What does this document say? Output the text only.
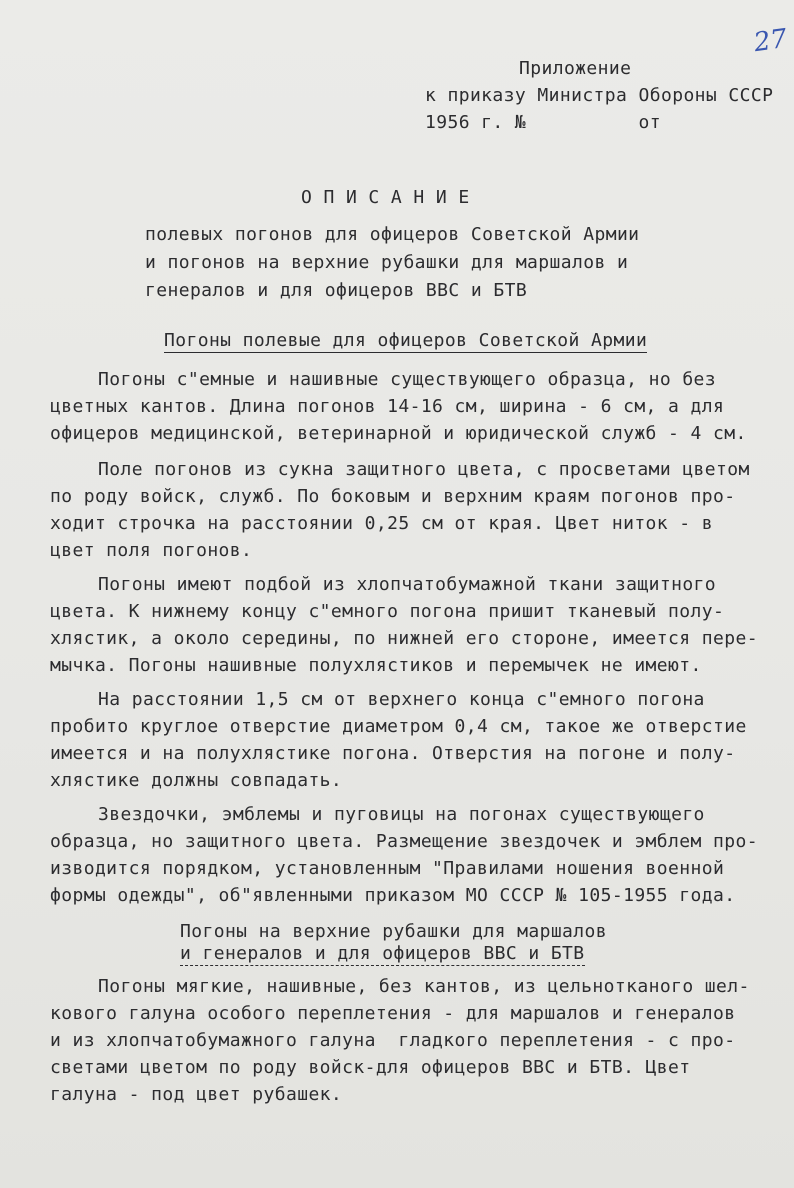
27
Приложение
к приказу Министра Обороны СССР
1956 г. №          от
О П И С А Н И Е
полевых погонов для офицеров Советской Армии
и погонов на верхние рубашки для маршалов и
генералов и для офицеров ВВС и БТВ
Погоны полевые для офицеров Советской Армии
Погоны с"емные и нашивные существующего образца, но без
цветных кантов. Длина погонов 14-16 см, ширина - 6 см, а для
офицеров медицинской, ветеринарной и юридической служб - 4 см.
Поле погонов из сукна защитного цвета, с просветами цветом
по роду войск, служб. По боковым и верхним краям погонов про-
ходит строчка на расстоянии 0,25 см от края. Цвет ниток - в
цвет поля погонов.
Погоны имеют подбой из хлопчатобумажной ткани защитного
цвета. К нижнему концу с"емного погона пришит тканевый полу-
хлястик, а около середины, по нижней его стороне, имеется пере-
мычка. Погоны нашивные полухлястиков и перемычек не имеют.
На расстоянии 1,5 см от верхнего конца с"емного погона
пробито круглое отверстие диаметром 0,4 см, такое же отверстие
имеется и на полухлястике погона. Отверстия на погоне и полу-
хлястике должны совпадать.
Звездочки, эмблемы и пуговицы на погонах существующего
образца, но защитного цвета. Размещение звездочек и эмблем про-
изводится порядком, установленным "Правилами ношения военной
формы одежды", об"явленными приказом МО СССР № 105-1955 года.
Погоны на верхние рубашки для маршалов
и генералов и для офицеров ВВС и БТВ
Погоны мягкие, нашивные, без кантов, из цельнотканого шел-
кового галуна особого переплетения - для маршалов и генералов
и из хлопчатобумажного галуна  гладкого переплетения - с про-
светами цветом по роду войск-для офицеров ВВС и БТВ. Цвет
галуна - под цвет рубашек.
